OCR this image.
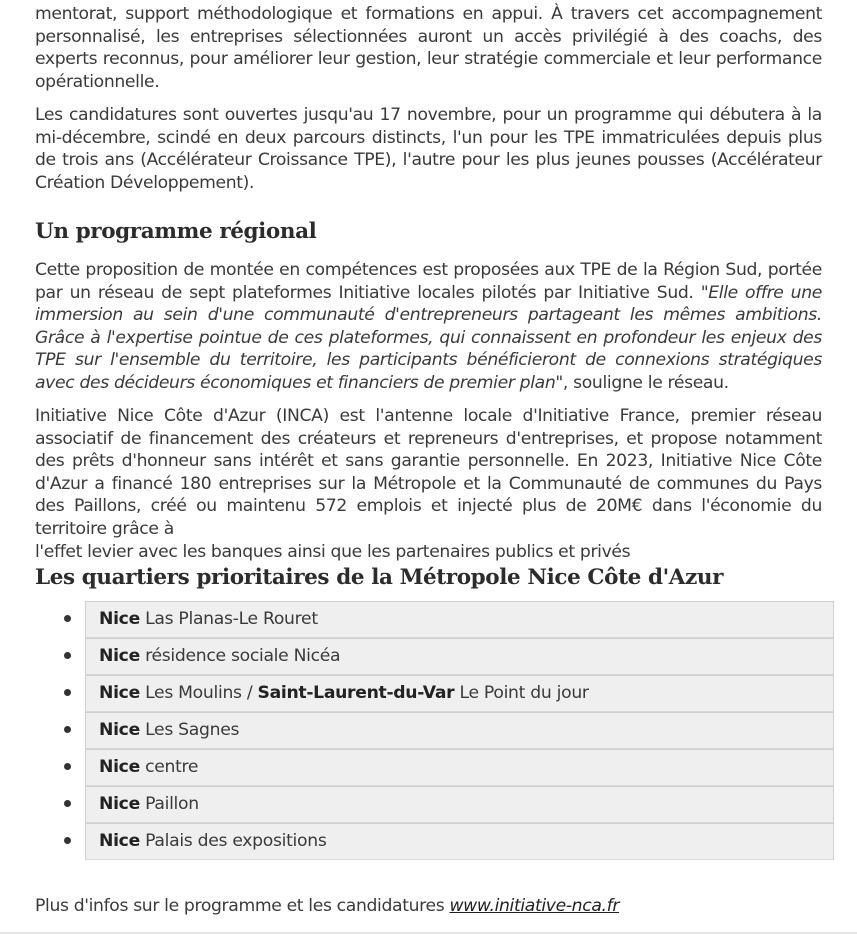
mentorat, support méthodologique et formations en appui. À travers cet accompagnement personnalisé, les entreprises sélectionnées auront un accès privilégié à des coachs, des experts reconnus, pour améliorer leur gestion, leur stratégie commerciale et leur performance opérationnelle.

Les candidatures sont ouvertes jusqu'au 17 novembre, pour un programme qui débutera à la mi-décembre, scindé en deux parcours distincts, l'un pour les TPE immatriculées depuis plus de trois ans (Accélérateur Croissance TPE), l'autre pour les plus jeunes pousses (Accélérateur Création Développement).

Un programme régional

Cette proposition de montée en compétences est proposées aux TPE de la Région Sud, portée par un réseau de sept plateformes Initiative locales pilotés par Initiative Sud. "Elle offre une immersion au sein d'une communauté d'entrepreneurs partageant les mêmes ambitions. Grâce à l'expertise pointue de ces plateformes, qui connaissent en profondeur les enjeux des TPE sur l'ensemble du territoire, les participants bénéficieront de connexions stratégiques avec des décideurs économiques et financiers de premier plan", souligne le réseau.

Initiative Nice Côte d'Azur (INCA) est l'antenne locale d'Initiative France, premier réseau associatif de financement des créateurs et repreneurs d'entreprises, et propose notamment des prêts d'honneur sans intérêt et sans garantie personnelle. En 2023, Initiative Nice Côte d'Azur a financé 180 entreprises sur la Métropole et la Communauté de communes du Pays des Paillons, créé ou maintenu 572 emplois et injecté plus de 20M€ dans l'économie du territoire grâce à
l'effet levier avec les banques ainsi que les partenaires publics et privés

Les quartiers prioritaires de la Métropole Nice Côte d'Azur
Nice Las Planas-Le Rouret
Nice résidence sociale Nicéa
Nice Les Moulins / Saint-Laurent-du-Var Le Point du jour
Nice Les Sagnes
Nice centre
Nice Paillon
Nice Palais des expositions

Plus d'infos sur le programme et les candidatures www.initiative-nca.fr
